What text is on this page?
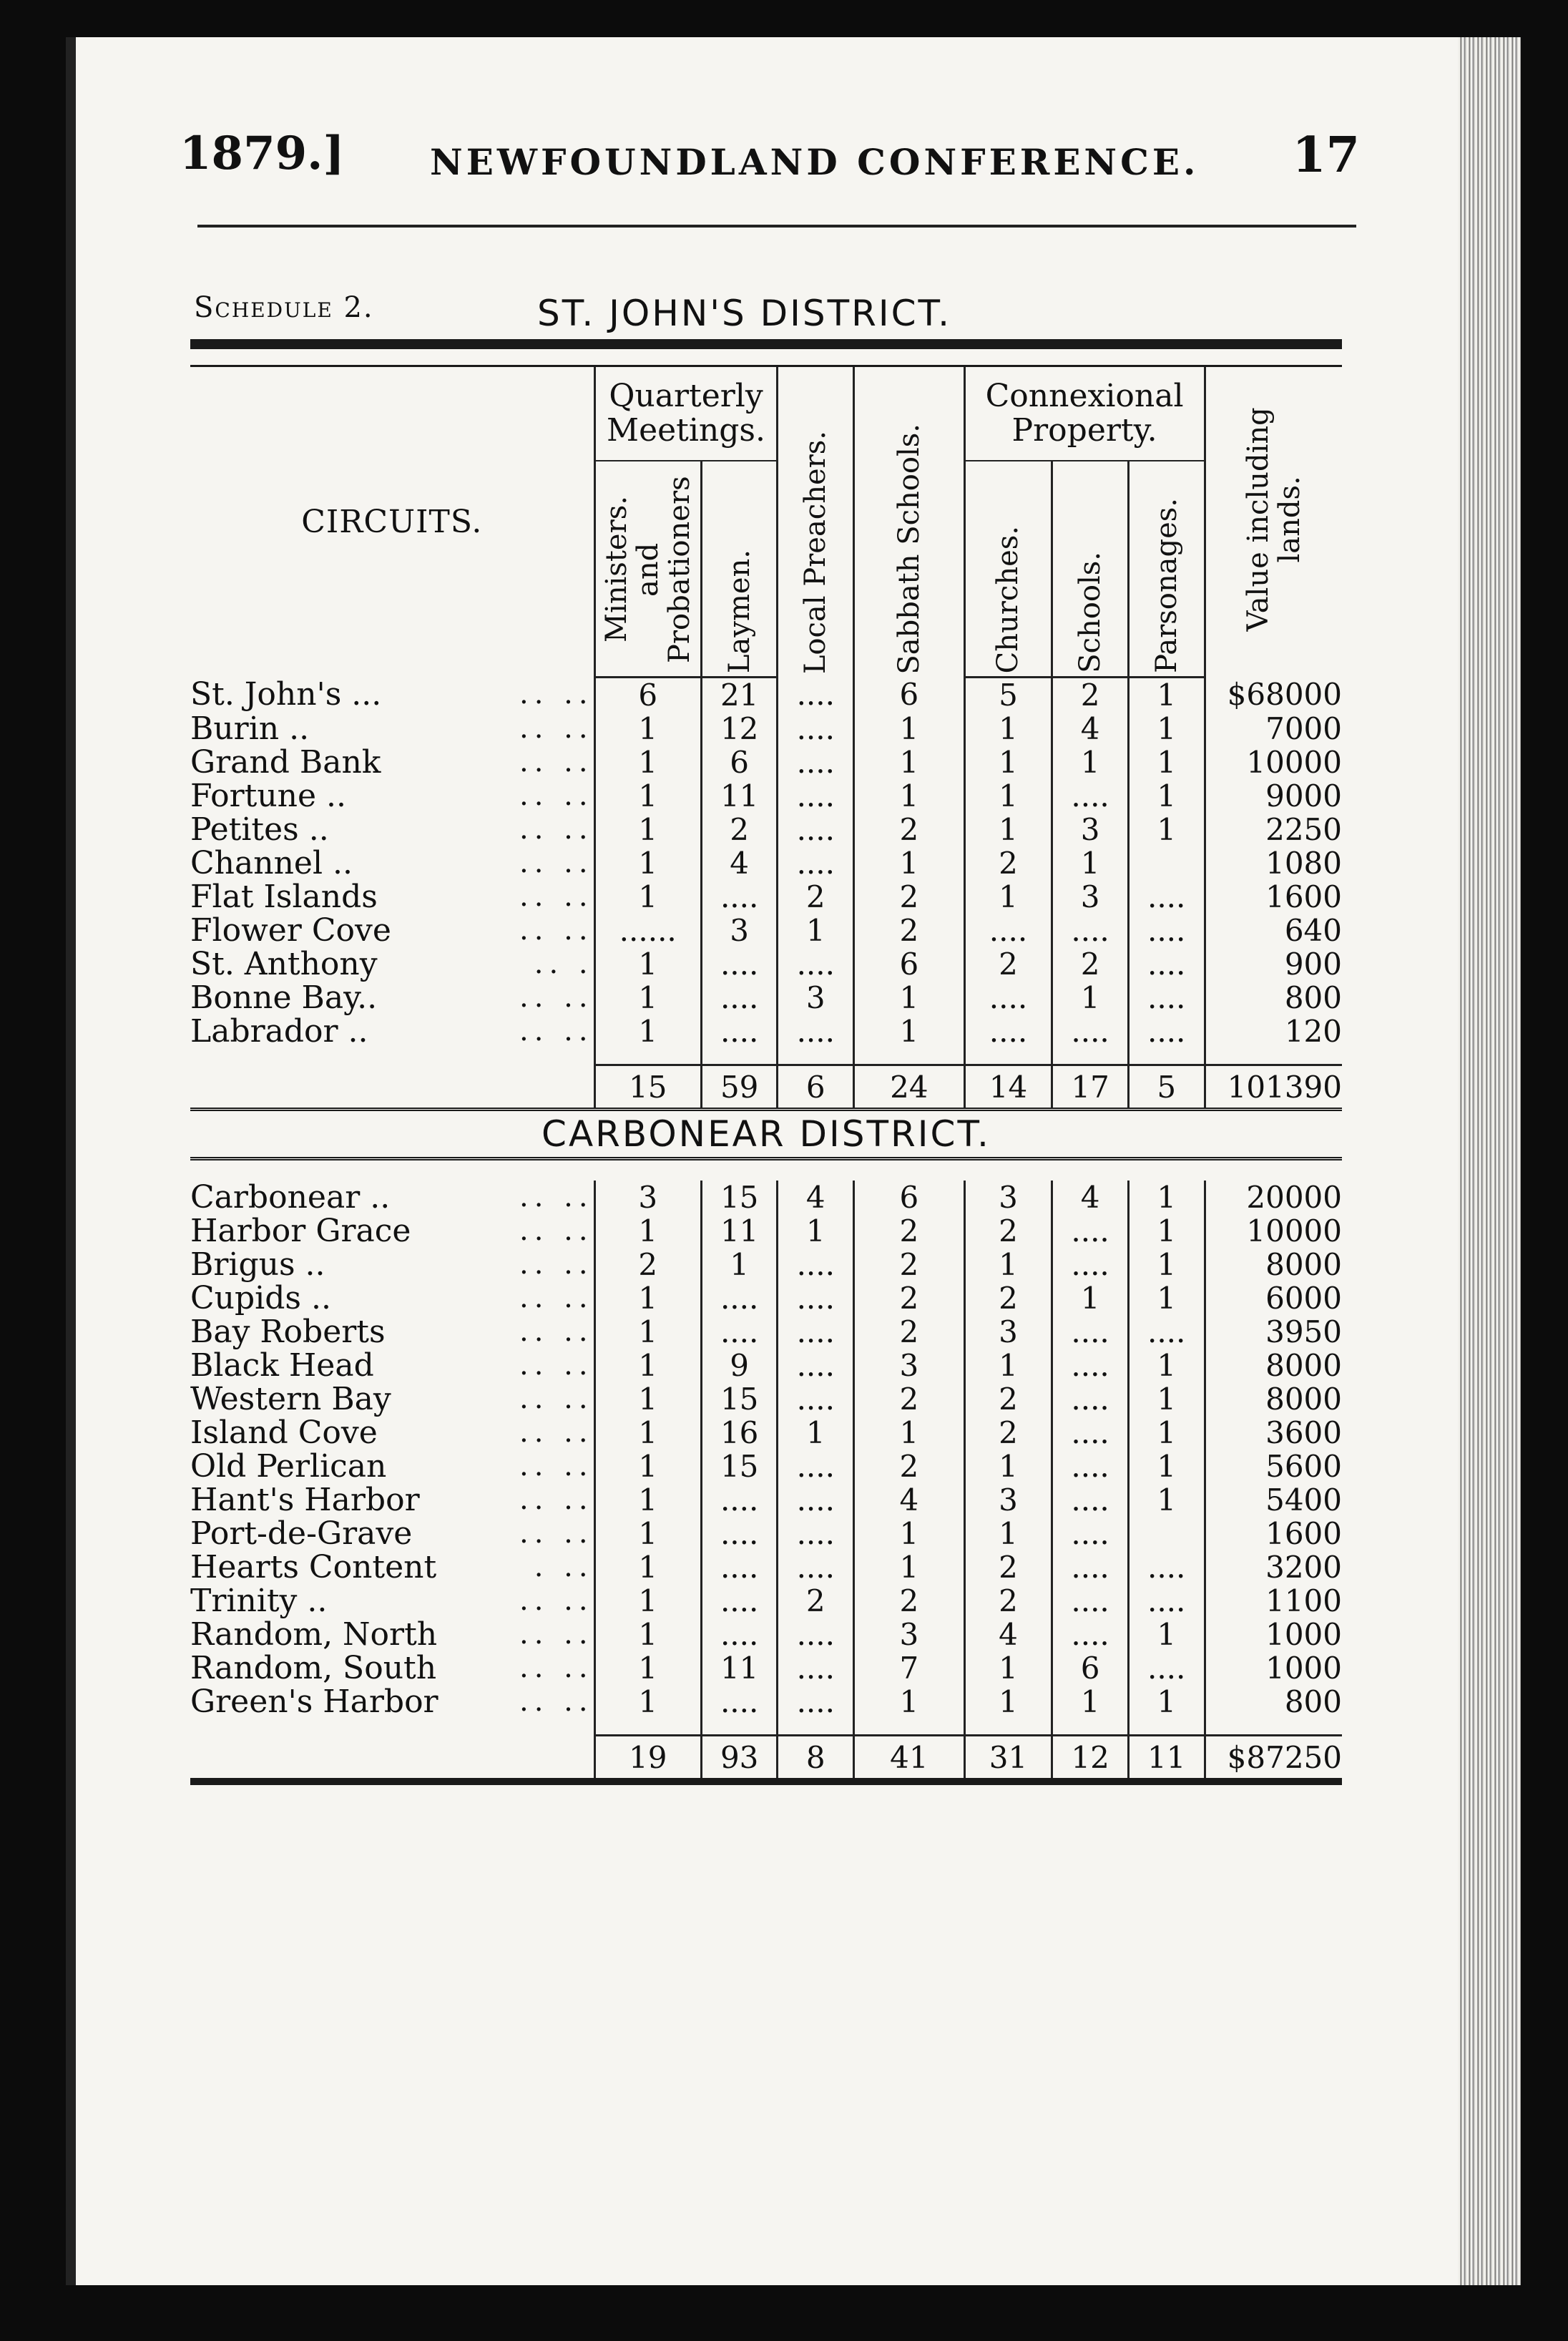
1879.] NEWFOUNDLAND CONFERENCE. 17
Schedule 2.	ST. JOHN'S DISTRICT.

CIRCUITS.		Quarterly Meetings.		Local Preachers.	Sabbath Schools.	Connexional Property.			Value including lands.
		Ministers. and Probationers	Laymen.			Churches.	Schools.	Parsonages.	
St. John's ...	.. ..	6	21	....	6	5	2	1	$68000
Burin ..	.. ..	1	12	....	1	1	4	1	7000
Grand Bank	.. ..	1	6	....	1	1	1	1	10000
Fortune ..	.. ..	1	11	....	1	1	....	1	9000
Petites ..	.. ..	1	2	....	2	1	3	1	2250
Channel ..	.. ..	1	4	....	1	2	1		1080
Flat Islands	.. ..	1	....	2	2	1	3	....	1600
Flower Cove	.. ..	......	3	1	2	....	....	....	640
St. Anthony	.. .	1	....	....	6	2	2	....	900
Bonne Bay..	.. ..	1	....	3	1	....	1	....	800
Labrador ..	.. ..	1	....	....	1	....	....	....	120

		15	59	6	24	14	17	5	101390
CARBONEAR DISTRICT.									

Carbonear ..	.. ..	3	15	4	6	3	4	1	20000
Harbor Grace	.. ..	1	11	1	2	2	....	1	10000
Brigus ..	.. ..	2	1	....	2	1	....	1	8000
Cupids ..	.. ..	1	....	....	2	2	1	1	6000
Bay Roberts	.. ..	1	....	....	2	3	....	....	3950
Black Head	.. ..	1	9	....	3	1	....	1	8000
Western Bay	.. ..	1	15	....	2	2	....	1	8000
Island Cove	.. ..	1	16	1	1	2	....	1	3600
Old Perlican	.. ..	1	15	....	2	1	....	1	5600
Hant's Harbor	.. ..	1	....	....	4	3	....	1	5400
Port-de-Grave	.. ..	1	....	....	1	1	....		1600
Hearts Content	. ..	1	....	....	1	2	....	....	3200
Trinity ..	.. ..	1	....	2	2	2	....	....	1100
Random, North	.. ..	1	....	....	3	4	....	1	1000
Random, South	.. ..	1	11	....	7	1	6	....	1000
Green's Harbor	.. ..	1	....	....	1	1	1	1	800

		19	93	8	41	31	12	11	$87250
